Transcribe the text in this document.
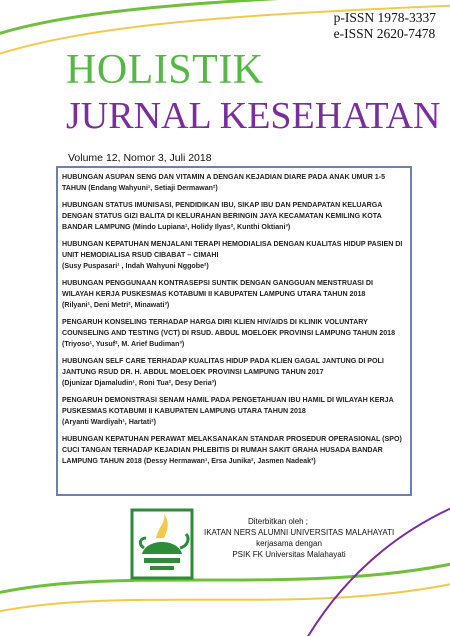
p-ISSN 1978-3337
e-ISSN 2620-7478
HOLISTIK
JURNAL KESEHATAN
Volume 12, Nomor 3, Juli 2018
HUBUNGAN ASUPAN SENG DAN VITAMIN A DENGAN KEJADIAN DIARE PADA ANAK UMUR 1-5 TAHUN (Endang Wahyuni¹, Setiaji Dermawan²)
HUBUNGAN STATUS IMUNISASI, PENDIDIKAN IBU, SIKAP IBU DAN PENDAPATAN KELUARGA DENGAN STATUS GIZI BALITA DI KELURAHAN BERINGIN JAYA KECAMATAN KEMILING KOTA BANDAR LAMPUNG (Mindo Lupiana¹, Holidy Ilyas², Kunthi Oktiani³)
HUBUNGAN KEPATUHAN MENJALANI TERAPI HEMODIALISA DENGAN KUALITAS HIDUP PASIEN DI UNIT HEMODIALISA RSUD CIBABAT – CIMAHI
(Susy Puspasari¹ , Indah Wahyuni Nggobe²)
HUBUNGAN PENGGUNAAN KONTRASEPSI SUNTIK DENGAN GANGGUAN MENSTRUASI DI WILAYAH KERJA PUSKESMAS KOTABUMI II KABUPATEN LAMPUNG UTARA TAHUN 2018
(Rilyani¹, Deni Metri², Minawati³)
PENGARUH KONSELING TERHADAP HARGA DIRI KLIEN HIV/AIDS DI KLINIK VOLUNTARY COUNSELING AND TESTING (VCT) DI RSUD. ABDUL MOELOEK PROVINSI LAMPUNG TAHUN 2018 (Triyoso¹, Yusuf², M. Arief Budiman³)
HUBUNGAN SELF CARE TERHADAP KUALITAS HIDUP PADA KLIEN GAGAL JANTUNG DI POLI JANTUNG RSUD DR. H. ABDUL MOELOEK PROVINSI LAMPUNG TAHUN 2017
(Djunizar Djamaludin¹, Roni Tua², Desy Deria³)
PENGARUH DEMONSTRASI SENAM HAMIL PADA PENGETAHUAN IBU HAMIL DI WILAYAH KERJA PUSKESMAS KOTABUMI II KABUPATEN LAMPUNG UTARA TAHUN 2018
(Aryanti Wardiyah¹, Hartati²)
HUBUNGAN KEPATUHAN PERAWAT MELAKSANAKAN STANDAR PROSEDUR OPERASIONAL (SPO) CUCI TANGAN TERHADAP KEJADIAN PHLEBITIS DI RUMAH SAKIT GRAHA HUSADA BANDAR LAMPUNG TAHUN 2018 (Dessy Hermawan¹, Ersa Junika², Jasmen Nadeak³)
Diterbitkan oleh ;
IKATAN NERS ALUMNI UNIVERSITAS MALAHAYATI
kerjasama dengan
PSIK FK Universitas Malahayati
